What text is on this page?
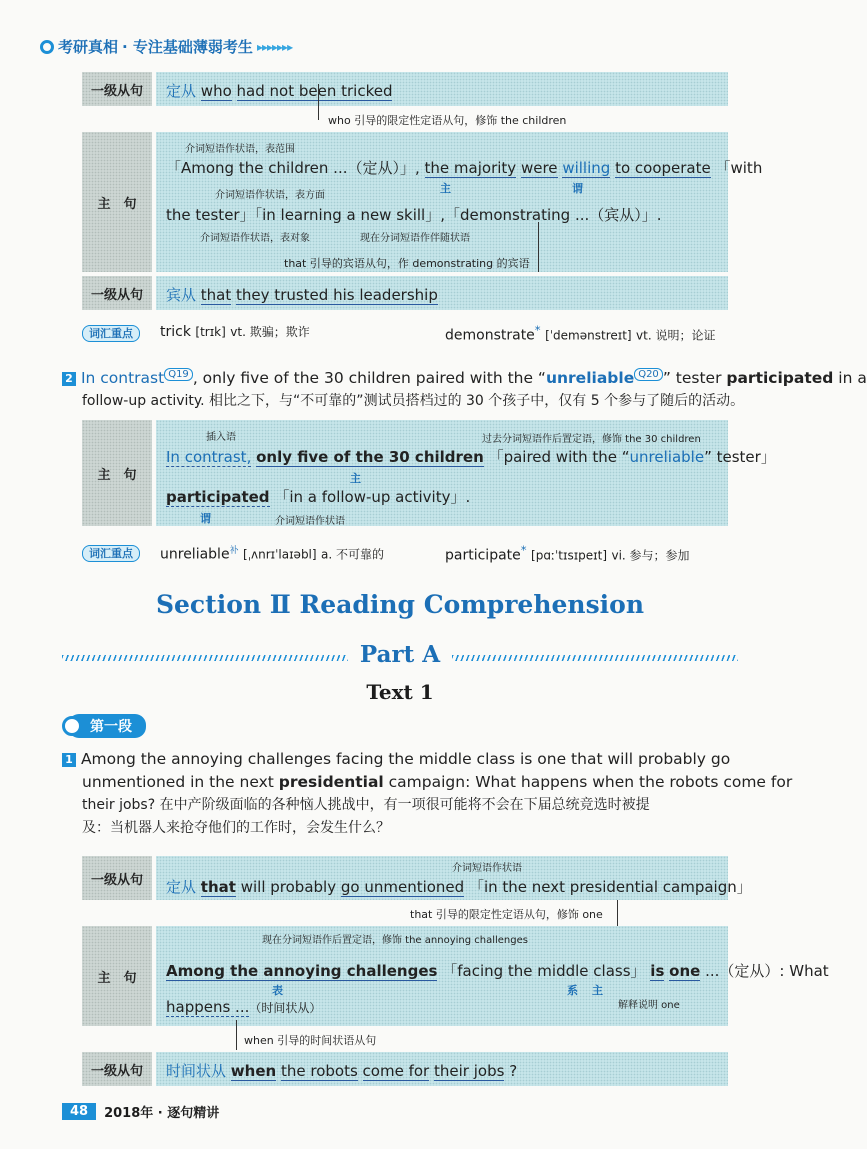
考研真相 · 专注基础薄弱考生 ▸▸▸▸▸▸▸
一级从句	定从 who had not been tricked
who 引导的限定性定语从句，修饰 the children
主　句
介词短语作状语，表范围
「Among the children ...（定从）」, the majority were willing to cooperate 「with
主	谓
介词短语作状语，表方面
the tester」「in learning a new skill」,「demonstrating ...（宾从）」.
介词短语作状语，表对象	现在分词短语作伴随状语
that 引导的宾语从句，作 demonstrating 的宾语
一级从句	宾从 that they trusted his leadership
词汇重点	trick [trɪk] vt. 欺骗；欺诈	demonstrate* [ˈdemənstreɪt] vt. 说明；论证
2 In contrast $^{Q19}$ , only five of the 30 children paired with the “unreliable $^{Q20}$ ” tester participated in a
follow-up activity. 相比之下，与“不可靠的”测试员搭档过的 30 个孩子中，仅有 5 个参与了随后的活动。
主　句
插入语	过去分词短语作后置定语，修饰 the 30 children
In contrast, only five of the 30 children 「paired with the “unreliable” tester」
主
participated 「in a follow-up activity」.
谓	介词短语作状语
词汇重点	unreliable$^补$ [ˌʌnrɪˈlaɪəbl] a. 不可靠的	participate* [pɑːˈtɪsɪpeɪt] vi. 参与；参加
Section Ⅱ Reading Comprehension
Part A
Text 1
第一段
1 Among the annoying challenges facing the middle class is one that will probably go
unmentioned in the next presidential campaign: What happens when the robots come for
their jobs? 在中产阶级面临的各种恼人挑战中，有一项很可能将不会在下届总统竞选时被提
及：当机器人来抢夺他们的工作时，会发生什么？
一级从句
介词短语作状语
定从 that will probably go unmentioned 「in the next presidential campaign」
that 引导的限定性定语从句，修饰 one
主　句
现在分词短语作后置定语，修饰 the annoying challenges
Among the annoying challenges 「facing the middle class」 is one ...（定从）: What
表	系 主
happens ...（时间状从）	解释说明 one
when 引导的时间状语从句
一级从句	时间状从 when the robots come for their jobs ?
48	2018年 · 逐句精讲
